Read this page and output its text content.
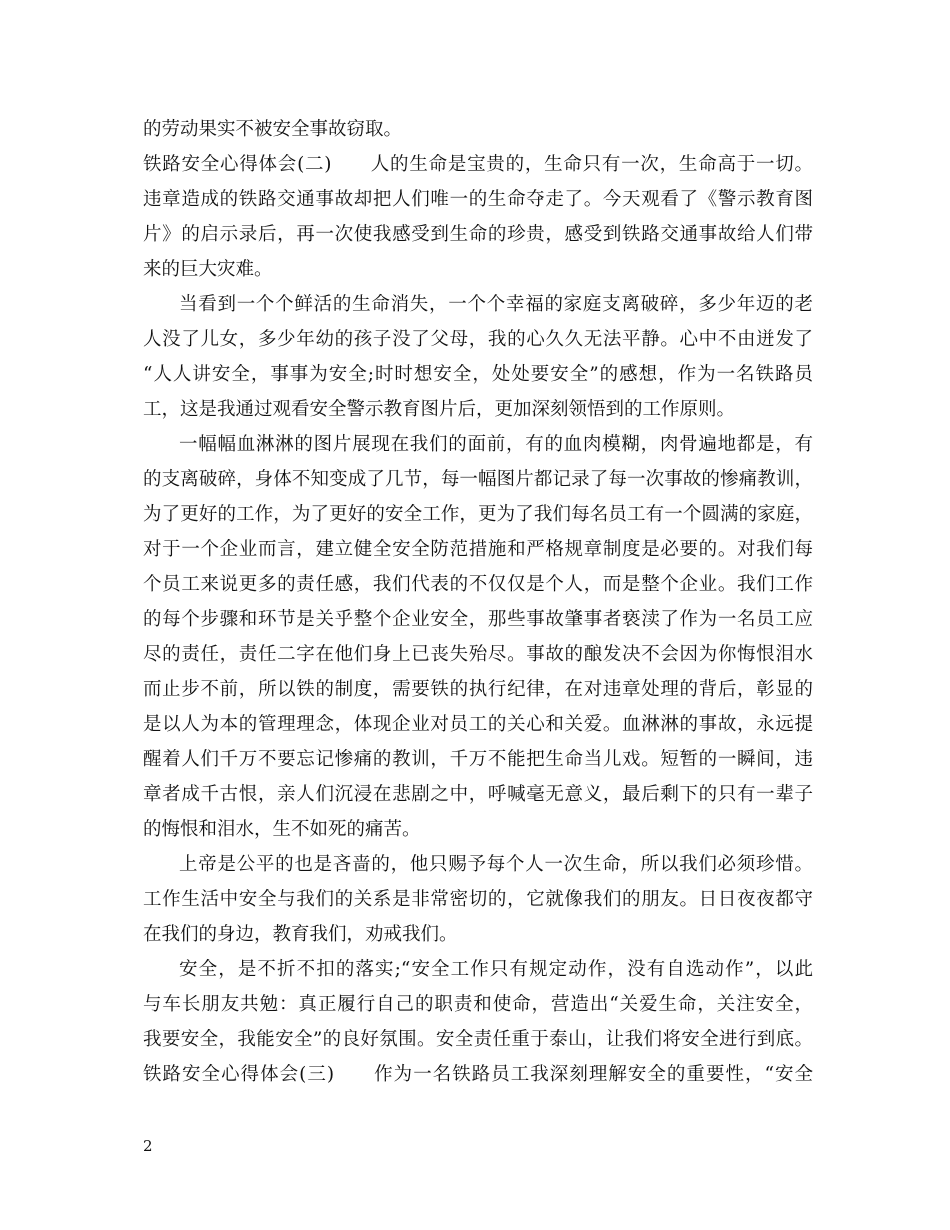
的劳动果实不被安全事故窃取。
铁路安全心得体会(二)　　人的生命是宝贵的，生命只有一次，生命高于一切。
违章造成的铁路交通事故却把人们唯一的生命夺走了。今天观看了《警示教育图
片》的启示录后，再一次使我感受到生命的珍贵，感受到铁路交通事故给人们带
来的巨大灾难。
当看到一个个鲜活的生命消失，一个个幸福的家庭支离破碎，多少年迈的老
人没了儿女，多少年幼的孩子没了父母，我的心久久无法平静。心中不由迸发了
“人人讲安全，事事为安全;时时想安全，处处要安全”的感想，作为一名铁路员
工，这是我通过观看安全警示教育图片后，更加深刻领悟到的工作原则。
一幅幅血淋淋的图片展现在我们的面前，有的血肉模糊，肉骨遍地都是，有
的支离破碎，身体不知变成了几节，每一幅图片都记录了每一次事故的惨痛教训，
为了更好的工作，为了更好的安全工作，更为了我们每名员工有一个圆满的家庭，
对于一个企业而言，建立健全安全防范措施和严格规章制度是必要的。对我们每
个员工来说更多的责任感，我们代表的不仅仅是个人，而是整个企业。我们工作
的每个步骤和环节是关乎整个企业安全，那些事故肇事者亵渎了作为一名员工应
尽的责任，责任二字在他们身上已丧失殆尽。事故的酿发决不会因为你悔恨泪水
而止步不前，所以铁的制度，需要铁的执行纪律，在对违章处理的背后，彰显的
是以人为本的管理理念，体现企业对员工的关心和关爱。血淋淋的事故，永远提
醒着人们千万不要忘记惨痛的教训，千万不能把生命当儿戏。短暂的一瞬间，违
章者成千古恨，亲人们沉浸在悲剧之中，呼喊毫无意义，最后剩下的只有一辈子
的悔恨和泪水，生不如死的痛苦。
上帝是公平的也是吝啬的，他只赐予每个人一次生命，所以我们必须珍惜。
工作生活中安全与我们的关系是非常密切的，它就像我们的朋友。日日夜夜都守
在我们的身边，教育我们，劝戒我们。
安全，是不折不扣的落实;“安全工作只有规定动作，没有自选动作”，以此
与车长朋友共勉：真正履行自己的职责和使命，营造出“关爱生命，关注安全，
我要安全，我能安全”的良好氛围。安全责任重于泰山，让我们将安全进行到底。
铁路安全心得体会(三)　　作为一名铁路员工我深刻理解安全的重要性，“安全
2
